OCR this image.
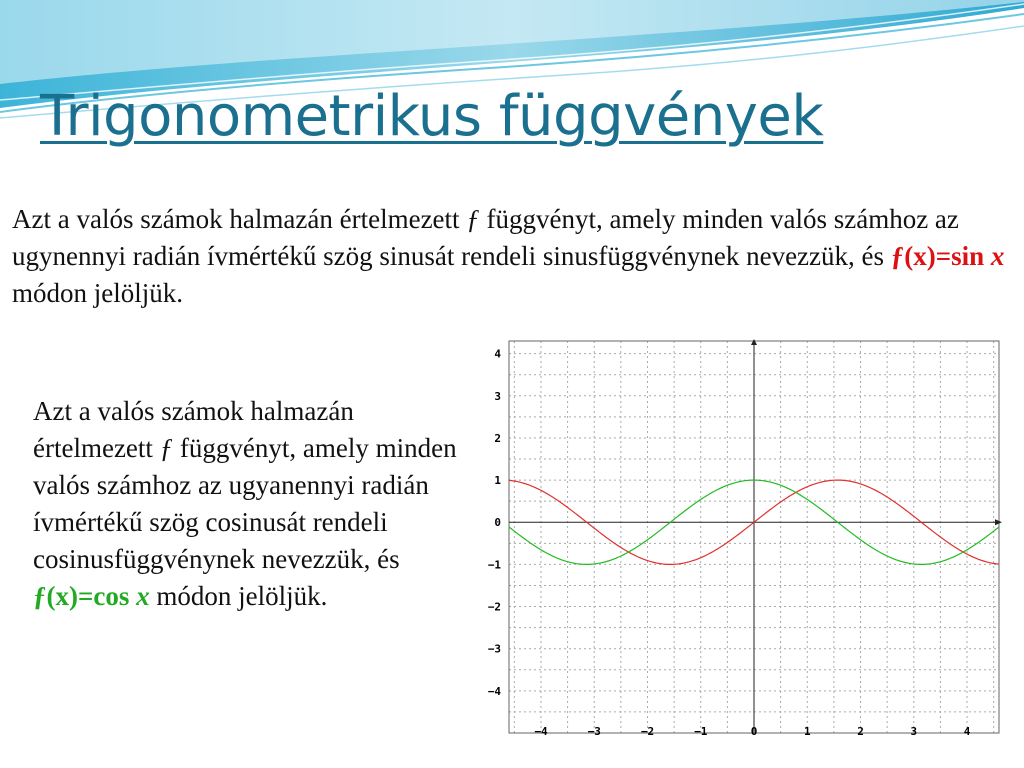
Trigonometrikus függvények

Azt a valós számok halmazán értelmezett ƒ függvényt, amely minden valós számhoz az ugynennyi radián ívmértékű szög sinusát rendeli sinusfüggvénynek nevezzük, és ƒ(x)=sin x módon jelöljük.

Azt a valós számok halmazán értelmezett ƒ függvényt, amely minden valós számhoz az ugyanennyi radián ívmértékű szög cosinusát rendeli cosinusfüggvénynek nevezzük, és ƒ(x)=cos x módon jelöljük.

4
3
2
1
0
−1
−2
−3
−4
−4	−3	−2	−1	0	1	2	3	4
